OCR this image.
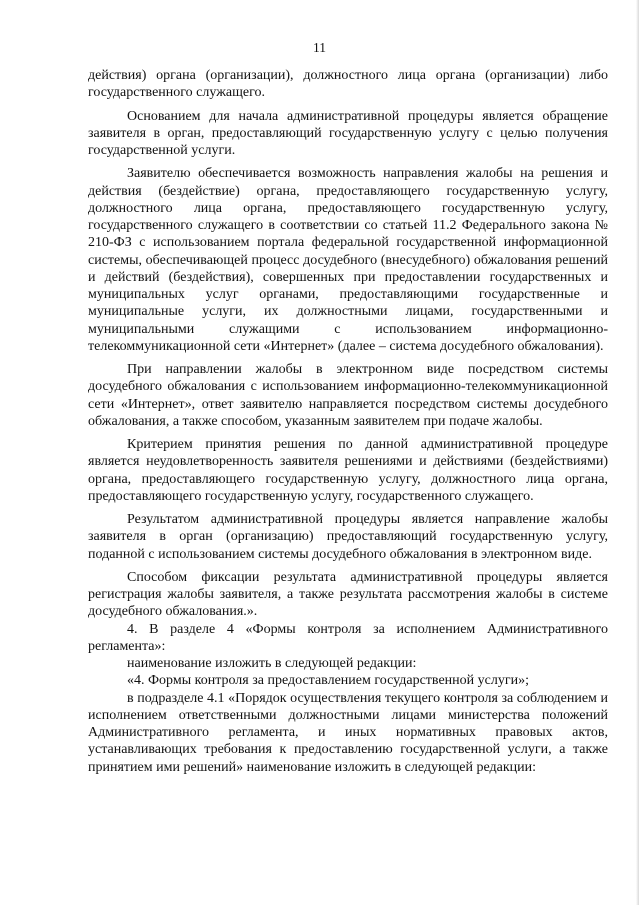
11

действия) органа (организации), должностного лица органа (организации) либо государственного служащего.

Основанием для начала административной процедуры является обращение заявителя в орган, предоставляющий государственную услугу с целью получения государственной услуги.

Заявителю обеспечивается возможность направления жалобы на решения и действия (бездействие) органа, предоставляющего государственную услугу, должностного лица органа, предоставляющего государственную услугу, государственного служащего в соответствии со статьей 11.2 Федерального закона № 210-ФЗ с использованием портала федеральной государственной информационной системы, обеспечивающей процесс досудебного (внесудебного) обжалования решений и действий (бездействия), совершенных при предоставлении государственных и муниципальных услуг органами, предоставляющими государственные и муниципальные услуги, их должностными лицами, государственными и муниципальными служащими с использованием информационно-телекоммуникационной сети «Интернет» (далее – система досудебного обжалования).

При направлении жалобы в электронном виде посредством системы досудебного обжалования с использованием информационно-телекоммуникационной сети «Интернет», ответ заявителю направляется посредством системы досудебного обжалования, а также способом, указанным заявителем при подаче жалобы.

Критерием принятия решения по данной административной процедуре является неудовлетворенность заявителя решениями и действиями (бездействиями) органа, предоставляющего государственную услугу, должностного лица органа, предоставляющего государственную услугу, государственного служащего.

Результатом административной процедуры является направление жалобы заявителя в орган (организацию) предоставляющий государственную услугу, поданной с использованием системы досудебного обжалования в электронном виде.

Способом фиксации результата административной процедуры является регистрация жалобы заявителя, а также результата рассмотрения жалобы в системе досудебного обжалования.».

4. В разделе 4 «Формы контроля за исполнением Административного регламента»:

наименование изложить в следующей редакции:

«4. Формы контроля за предоставлением государственной услуги»;

в подразделе 4.1 «Порядок осуществления текущего контроля за соблюдением и исполнением ответственными должностными лицами министерства положений Административного регламента, и иных нормативных правовых актов, устанавливающих требования к предоставлению государственной услуги, а также принятием ими решений» наименование изложить в следующей редакции:
